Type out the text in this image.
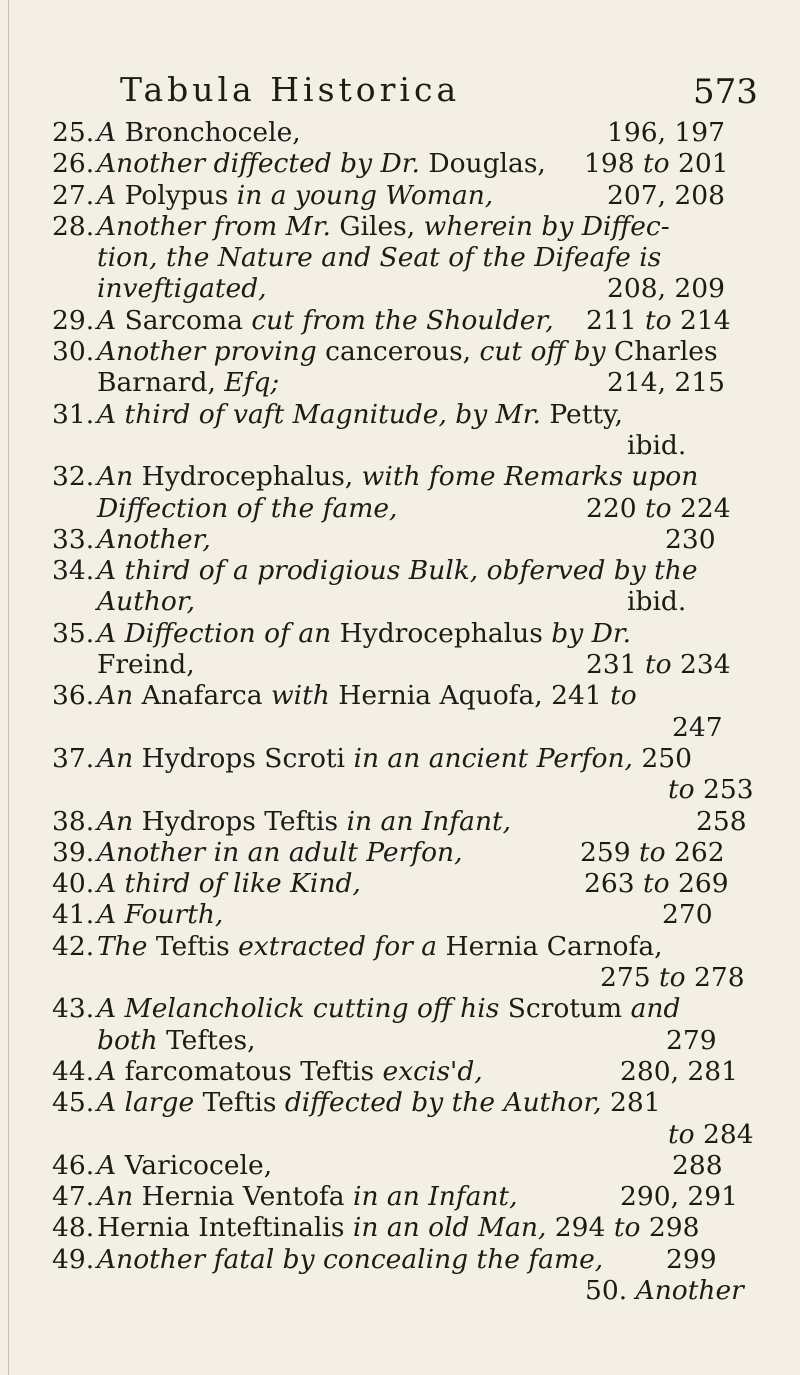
Tabula Historica	573
25. A Bronchocele,	196, 197
26. Another diffected by Dr. Douglas, 198 to 201
27. A Polypus in a young Woman,	207, 208
28. Another from Mr. Giles, wherein by Diffec-
tion, the Nature and Seat of the Difeafe is
inveftigated,	208, 209
29. A Sarcoma cut from the Shoulder, 211 to 214
30. Another proving cancerous, cut off by Charles
Barnard, Efq;	214, 215
31. A third of vaft Magnitude, by Mr. Petty,
ibid.
32. An Hydrocephalus, with fome Remarks upon
Diffection of the fame,	220 to 224
33. Another,	230
34. A third of a prodigious Bulk, obferved by the
Author,	ibid.
35. A Diffection of an Hydrocephalus by Dr.
Freind,	231 to 234
36. An Anafarca with Hernia Aquofa, 241 to
247
37. An Hydrops Scroti in an ancient Perfon, 250
to 253
38. An Hydrops Teftis in an Infant,	258
39. Another in an adult Perfon,	259 to 262
40. A third of like Kind,	263 to 269
41. A Fourth,	270
42. The Teftis extracted for a Hernia Carnofa,
275 to 278
43. A Melancholick cutting off his Scrotum and
both Teftes,	279
44. A farcomatous Teftis excis'd,	280, 281
45. A large Teftis diffected by the Author, 281
to 284
46. A Varicocele,	288
47. An Hernia Ventofa in an Infant,	290, 291
48. Hernia Inteftinalis in an old Man, 294 to 298
49. Another fatal by concealing the fame, 299
50. Another
